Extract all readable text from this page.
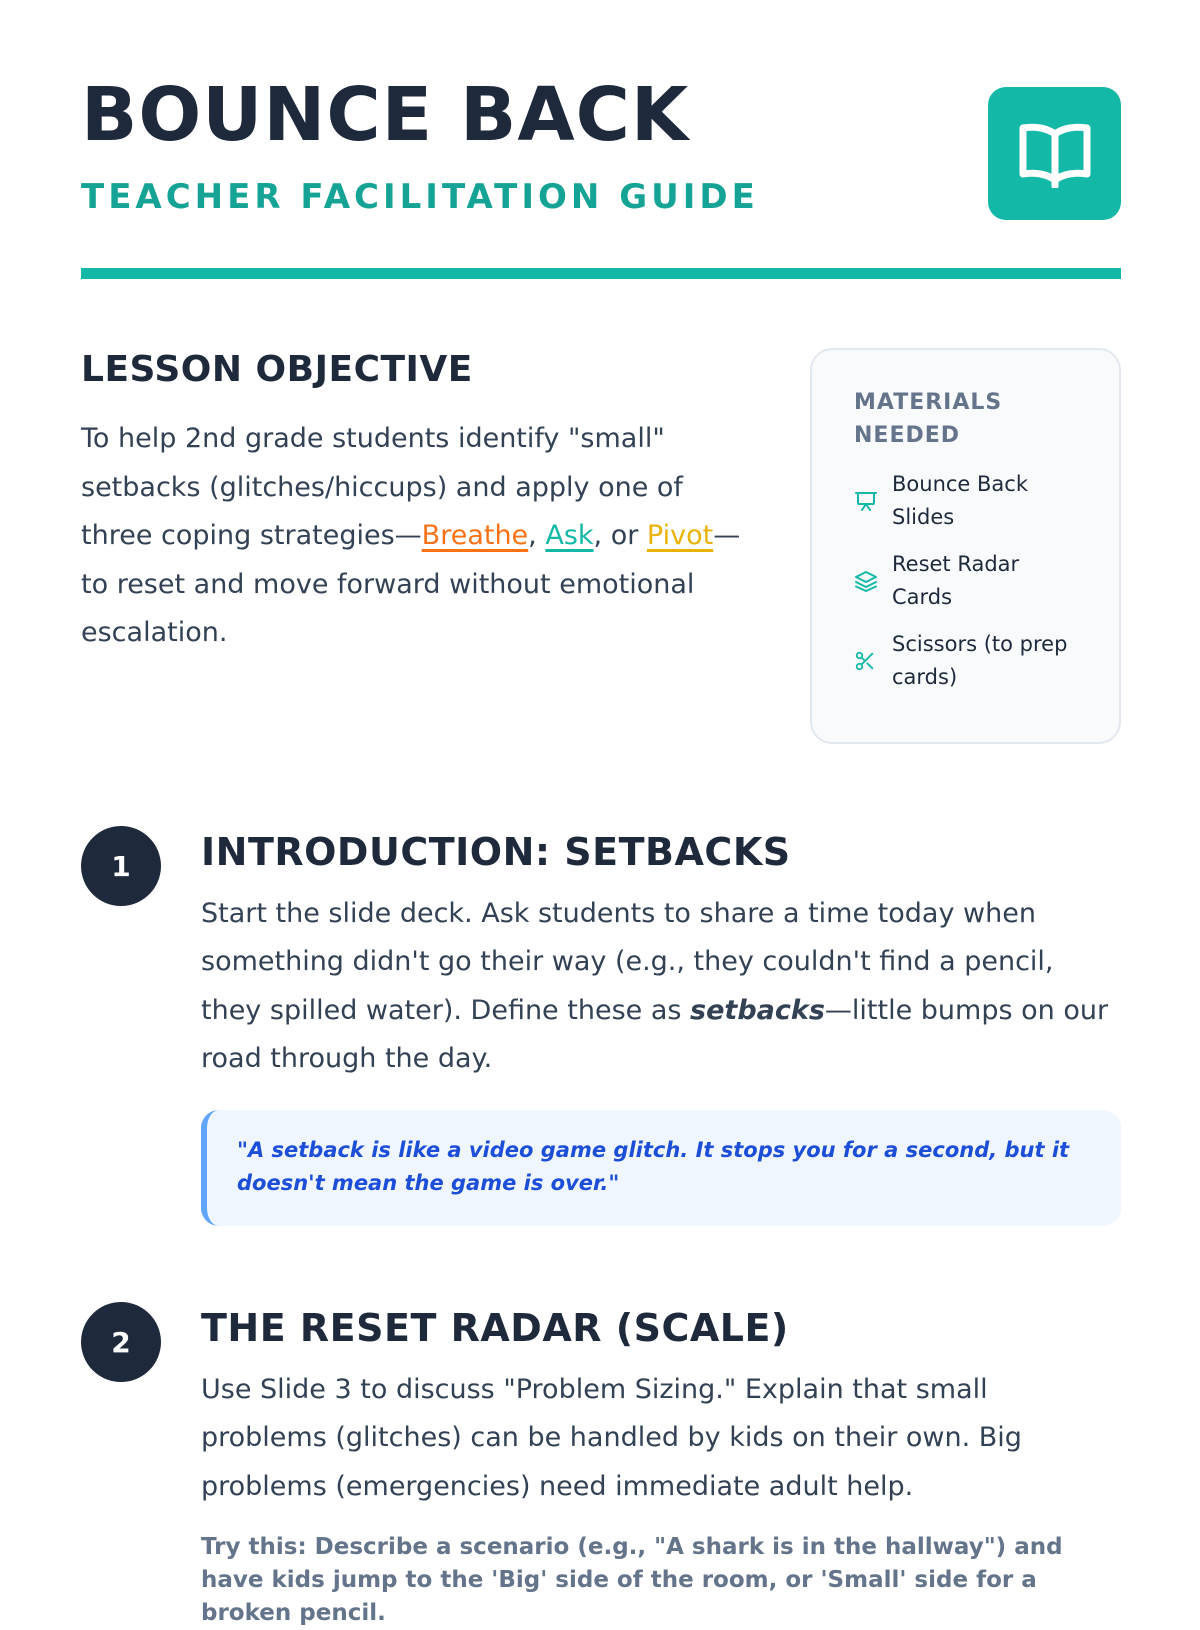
BOUNCE BACK
TEACHER FACILITATION GUIDE
LESSON OBJECTIVE

To help 2nd grade students identify "small" setbacks (glitches/hiccups) and apply one of three coping strategies—Breathe, Ask, or Pivot—to reset and move forward without emotional escalation.

MATERIALS NEEDED
Bounce Back Slides
Reset Radar Cards
Scissors (to prep cards)
1	INTRODUCTION: SETBACKS

Start the slide deck. Ask students to share a time today when something didn't go their way (e.g., they couldn't find a pencil, they spilled water). Define these as setbacks—little bumps on our road through the day.

"A setback is like a video game glitch. It stops you for a second, but it doesn't mean the game is over."
2	THE RESET RADAR (SCALE)

Use Slide 3 to discuss "Problem Sizing." Explain that small problems (glitches) can be handled by kids on their own. Big problems (emergencies) need immediate adult help.

Try this: Describe a scenario (e.g., "A shark is in the hallway") and have kids jump to the 'Big' side of the room, or 'Small' side for a broken pencil.
